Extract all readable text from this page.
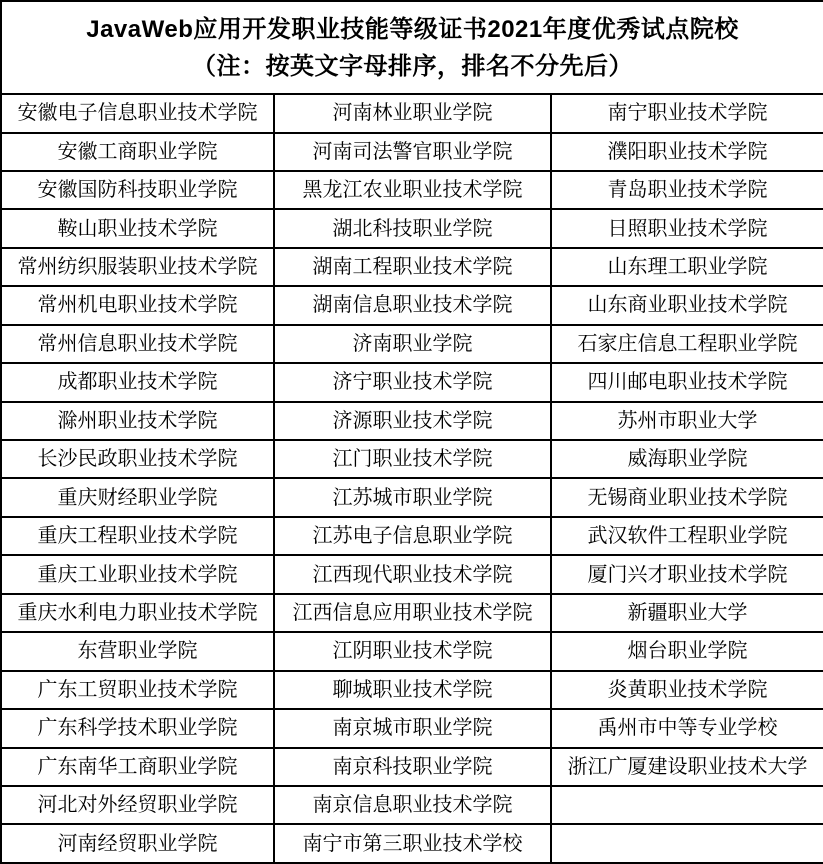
JavaWeb应用开发职业技能等级证书2021年度优秀试点院校
（注：按英文字母排序，排名不分先后）		

安徽电子信息职业技术学院	河南林业职业学院	南宁职业技术学院
安徽工商职业学院	河南司法警官职业学院	濮阳职业技术学院
安徽国防科技职业学院	黑龙江农业职业技术学院	青岛职业技术学院
鞍山职业技术学院	湖北科技职业学院	日照职业技术学院
常州纺织服装职业技术学院	湖南工程职业技术学院	山东理工职业学院
常州机电职业技术学院	湖南信息职业技术学院	山东商业职业技术学院
常州信息职业技术学院	济南职业学院	石家庄信息工程职业学院
成都职业技术学院	济宁职业技术学院	四川邮电职业技术学院
滁州职业技术学院	济源职业技术学院	苏州市职业大学
长沙民政职业技术学院	江门职业技术学院	威海职业学院
重庆财经职业学院	江苏城市职业学院	无锡商业职业技术学院
重庆工程职业技术学院	江苏电子信息职业学院	武汉软件工程职业学院
重庆工业职业技术学院	江西现代职业技术学院	厦门兴才职业技术学院
重庆水利电力职业技术学院	江西信息应用职业技术学院	新疆职业大学
东营职业学院	江阴职业技术学院	烟台职业学院
广东工贸职业技术学院	聊城职业技术学院	炎黄职业技术学院
广东科学技术职业学院	南京城市职业学院	禹州市中等专业学校
广东南华工商职业学院	南京科技职业学院	浙江广厦建设职业技术大学
河北对外经贸职业学院	南京信息职业技术学院	
河南经贸职业学院	南宁市第三职业技术学校	
